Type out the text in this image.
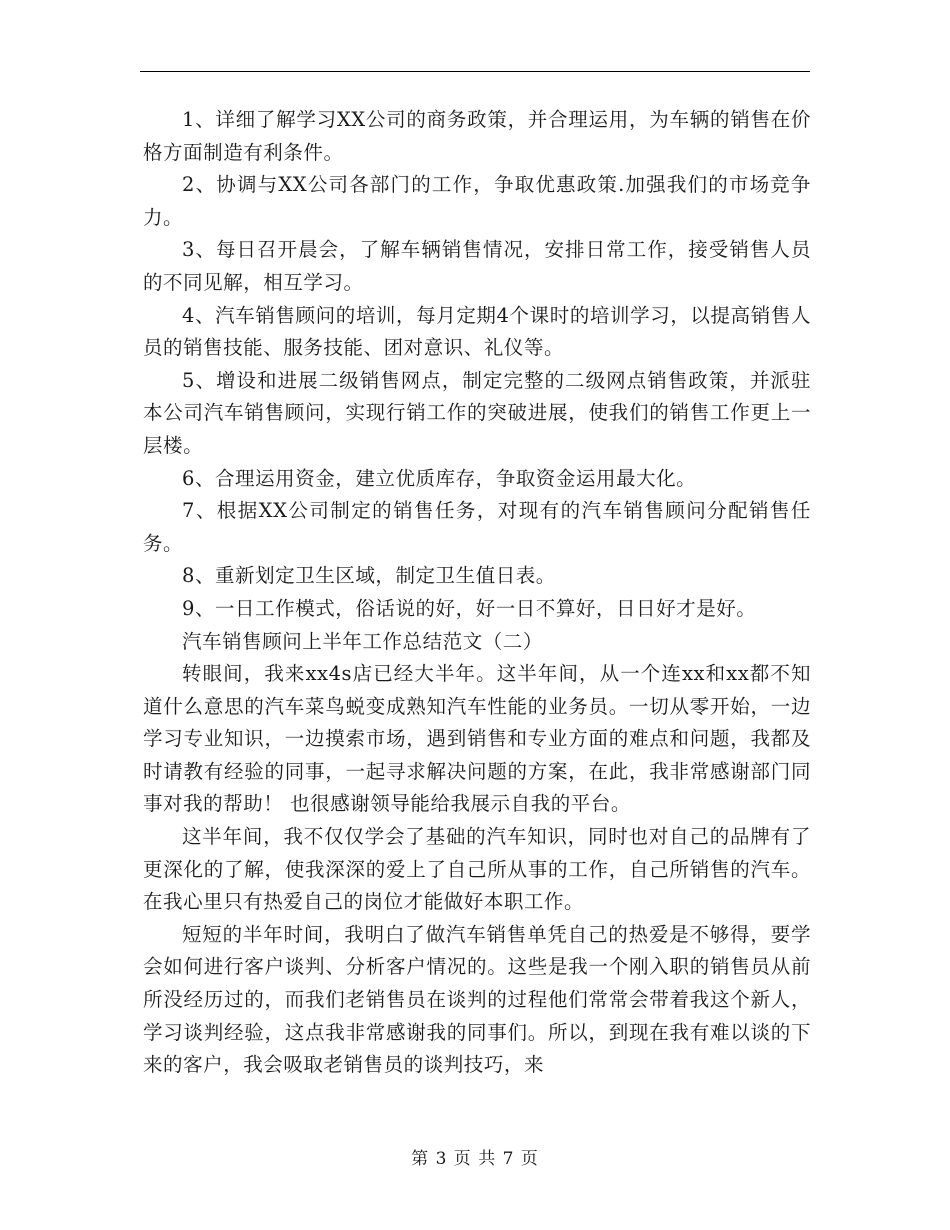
1、详细了解学习XX公司的商务政策，并合理运用，为车辆的销售在价格方面制造有利条件。

2、协调与XX公司各部门的工作，争取优惠政策.加强我们的市场竞争力。

3、每日召开晨会，了解车辆销售情况，安排日常工作，接受销售人员的不同见解，相互学习。

4、汽车销售顾问的培训，每月定期4个课时的培训学习，以提高销售人员的销售技能、服务技能、团对意识、礼仪等。

5、增设和进展二级销售网点，制定完整的二级网点销售政策，并派驻本公司汽车销售顾问，实现行销工作的突破进展，使我们的销售工作更上一层楼。

6、合理运用资金，建立优质库存，争取资金运用最大化。

7、根据XX公司制定的销售任务，对现有的汽车销售顾问分配销售任务。

8、重新划定卫生区域，制定卫生值日表。

9、一日工作模式，俗话说的好，好一日不算好，日日好才是好。

汽车销售顾问上半年工作总结范文（二）

转眼间，我来xx4s店已经大半年。这半年间，从一个连xx和xx都不知道什么意思的汽车菜鸟蜕变成熟知汽车性能的业务员。一切从零开始，一边学习专业知识，一边摸索市场，遇到销售和专业方面的难点和问题，我都及时请教有经验的同事，一起寻求解决问题的方案，在此，我非常感谢部门同事对我的帮助！ 也很感谢领导能给我展示自我的平台。

这半年间，我不仅仅学会了基础的汽车知识，同时也对自己的品牌有了更深化的了解，使我深深的爱上了自己所从事的工作，自己所销售的汽车。在我心里只有热爱自己的岗位才能做好本职工作。

短短的半年时间，我明白了做汽车销售单凭自己的热爱是不够得，要学会如何进行客户谈判、分析客户情况的。这些是我一个刚入职的销售员从前所没经历过的，而我们老销售员在谈判的过程他们常常会带着我这个新人，学习谈判经验，这点我非常感谢我的同事们。所以，到现在我有难以谈的下来的客户，我会吸取老销售员的谈判技巧，来

第 3 页 共 7 页
